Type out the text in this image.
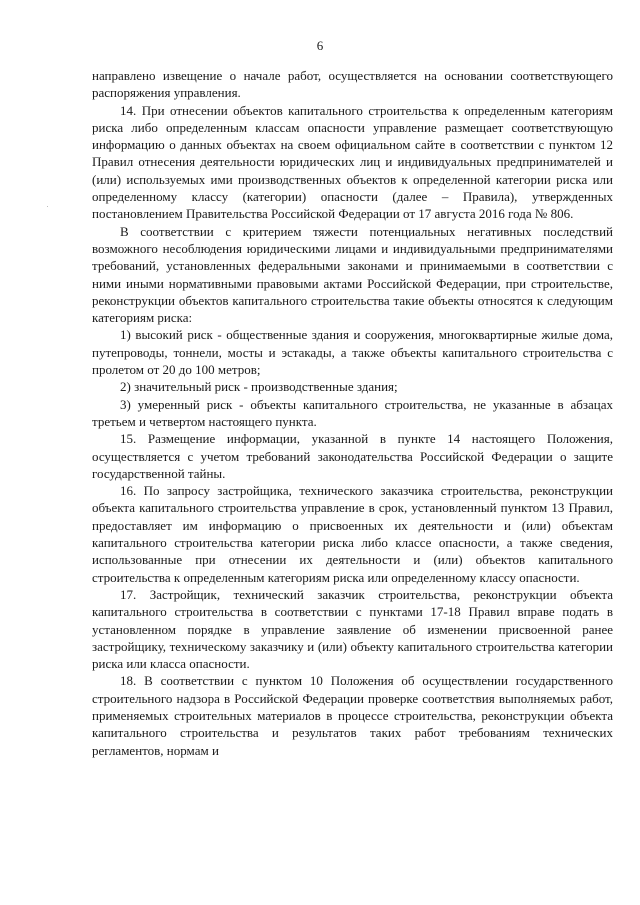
6

направлено извещение о начале работ, осуществляется на основании соответствующего распоряжения управления.

14. При отнесении объектов капитального строительства к определенным категориям риска либо определенным классам опасности управление размещает соответствующую информацию о данных объектах на своем официальном сайте в соответствии с пунктом 12 Правил отнесения деятельности юридических лиц и индивидуальных предпринимателей и (или) используемых ими производственных объектов к определенной категории риска или определенному классу (категории) опасности (далее – Правила), утвержденных постановлением Правительства Российской Федерации от 17 августа 2016 года № 806.

В соответствии с критерием тяжести потенциальных негативных последствий возможного несоблюдения юридическими лицами и индивидуальными предпринимателями требований, установленных федеральными законами и принимаемыми в соответствии с ними иными нормативными правовыми актами Российской Федерации, при строительстве, реконструкции объектов капитального строительства такие объекты относятся к следующим категориям риска:

1) высокий риск - общественные здания и сооружения, многоквартирные жилые дома, путепроводы, тоннели, мосты и эстакады, а также объекты капитального строительства с пролетом от 20 до 100 метров;

2) значительный риск - производственные здания;

3) умеренный риск - объекты капитального строительства, не указанные в абзацах третьем и четвертом настоящего пункта.

15. Размещение информации, указанной в пункте 14 настоящего Положения, осуществляется с учетом требований законодательства Российской Федерации о защите государственной тайны.

16. По запросу застройщика, технического заказчика строительства, реконструкции объекта капитального строительства управление в срок, установленный пунктом 13 Правил, предоставляет им информацию о присвоенных их деятельности и (или) объектам капитального строительства категории риска либо классе опасности, а также сведения, использованные при отнесении их деятельности и (или) объектов капитального строительства к определенным категориям риска или определенному классу опасности.

17. Застройщик, технический заказчик строительства, реконструкции объекта капитального строительства в соответствии с пунктами 17-18 Правил вправе подать в установленном порядке в управление заявление об изменении присвоенной ранее застройщику, техническому заказчику и (или) объекту капитального строительства категории риска или класса опасности.

18. В соответствии с пунктом 10 Положения об осуществлении государственного строительного надзора в Российской Федерации проверке соответствия выполняемых работ, применяемых строительных материалов в процессе строительства, реконструкции объекта капитального строительства и результатов таких работ требованиям технических регламентов, нормам и
